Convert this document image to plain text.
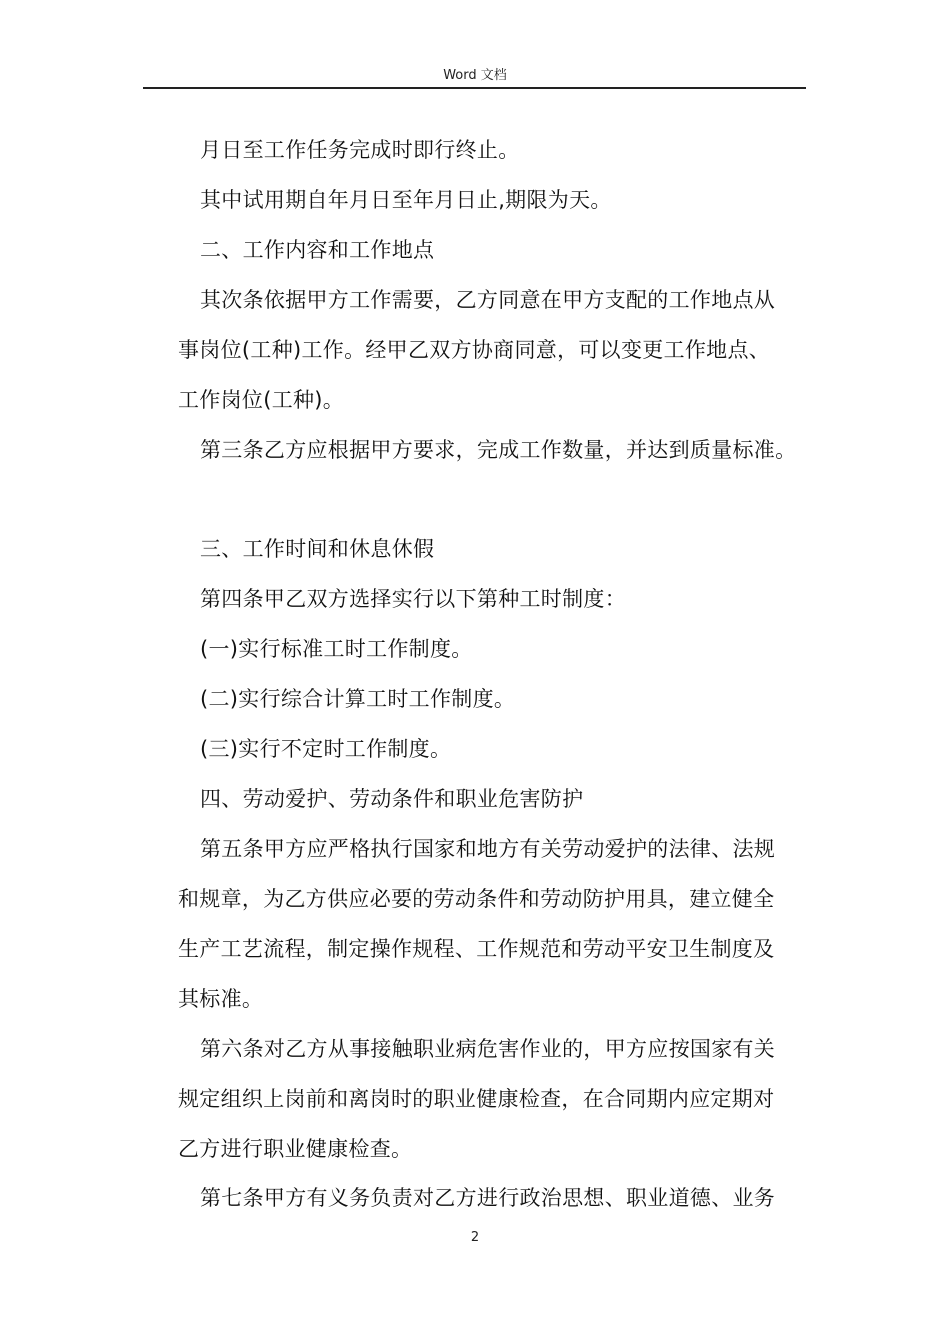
Word 文档
月日至工作任务完成时即行终止。
其中试用期自年月日至年月日止,期限为天。
二、工作内容和工作地点
其次条依据甲方工作需要，乙方同意在甲方支配的工作地点从
事岗位(工种)工作。经甲乙双方协商同意，可以变更工作地点、
工作岗位(工种)。
第三条乙方应根据甲方要求，完成工作数量，并达到质量标准。
三、工作时间和休息休假
第四条甲乙双方选择实行以下第种工时制度：
(一)实行标准工时工作制度。
(二)实行综合计算工时工作制度。
(三)实行不定时工作制度。
四、劳动爱护、劳动条件和职业危害防护
第五条甲方应严格执行国家和地方有关劳动爱护的法律、法规
和规章，为乙方供应必要的劳动条件和劳动防护用具，建立健全
生产工艺流程，制定操作规程、工作规范和劳动平安卫生制度及
其标准。
第六条对乙方从事接触职业病危害作业的，甲方应按国家有关
规定组织上岗前和离岗时的职业健康检查，在合同期内应定期对
乙方进行职业健康检查。
第七条甲方有义务负责对乙方进行政治思想、职业道德、业务
2
